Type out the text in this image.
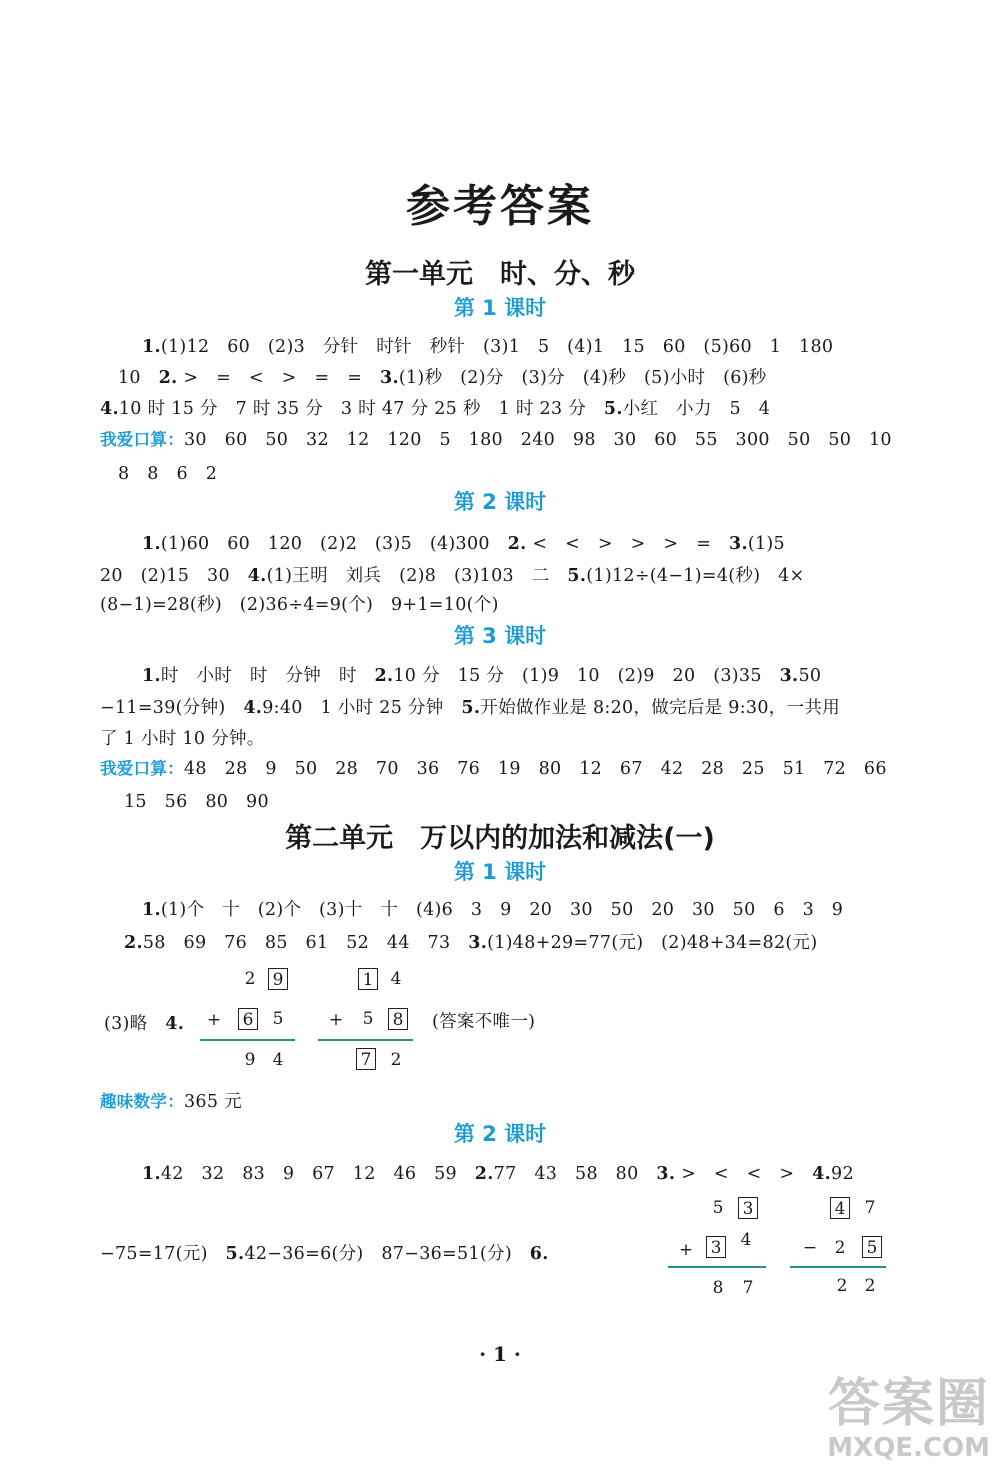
参考答案
第一单元　时、分、秒
第 1 课时
1.(1)12　60　(2)3　分针　时针　秒针　(3)1　5　(4)1　15　60　(5)60　1　180
10　2. >　=　<　>　=　=　3.(1)秒　(2)分　(3)分　(4)秒　(5)小时　(6)秒
4.10 时 15 分　7 时 35 分　3 时 47 分 25 秒　1 时 23 分　5.小红　小力　5　4
我爱口算：30　60　50　32　12　120　5　180　240　98　30　60　55　300　50　50　10
8　8　6　2
第 2 课时
1.(1)60　60　120　(2)2　(3)5　(4)300　2. <　<　>　>　>　=　3.(1)5
20　(2)15　30　4.(1)王明　刘兵　(2)8　(3)103　二　5.(1)12÷(4−1)=4(秒)　4×
(8−1)=28(秒)　(2)36÷4=9(个)　9+1=10(个)
第 3 课时
1.时　小时　时　分钟　时　2.10 分　15 分　(1)9　10　(2)9　20　(3)35　3.50
−11=39(分钟)　4.9:40　1 小时 25 分钟　5.开始做作业是 8:20，做完后是 9:30，一共用
了 1 小时 10 分钟。
我爱口算：48　28　9　50　28　70　36　76　19　80　12　67　42　28　25　51　72　66
15　56　80　90
第二单元　万以内的加法和减法(一)
第 1 课时
1.(1)个　十　(2)个　(3)十　十　(4)6　3　9　20　30　50　20　30　50　6　3　9
2.58　69　76　85　61　52　44　73　3.(1)48+29=77(元)　(2)48+34=82(元)
2 9
+ 6 5
9 4
1 4
+ 5 8
7 2
(3)略　4.	(答案不唯一)
趣味数学：365 元
第 2 课时
1.42　32　83　9　67　12　46　59　2.77　43　58　80　3. >　<　<　>　4.92
−75=17(元)　5.42−36=6(分)　87−36=51(分)　6.
5 3
+ 3 4
8 7
4 7
− 2 5
2 2
· 1 ·
答案圈
MXQE.COM
